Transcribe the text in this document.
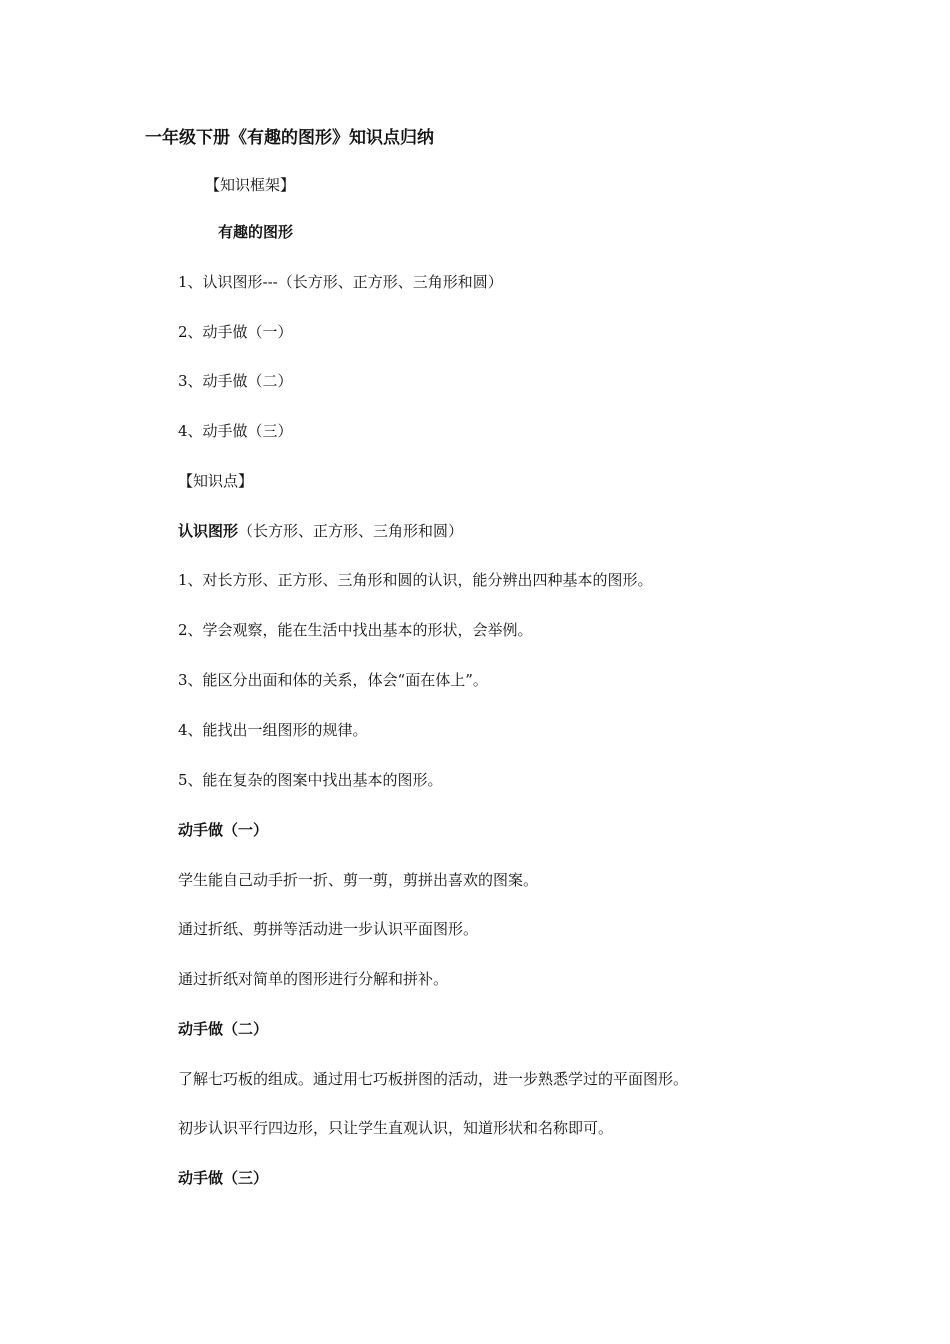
一年级下册《有趣的图形》知识点归纳

【知识框架】

有趣的图形

1、认识图形---（长方形、正方形、三角形和圆）

2、动手做（一）

3、动手做（二）

4、动手做（三）

【知识点】

认识图形（长方形、正方形、三角形和圆）

1、对长方形、正方形、三角形和圆的认识，能分辨出四种基本的图形。

2、学会观察，能在生活中找出基本的形状，会举例。

3、能区分出面和体的关系，体会“面在体上”。

4、能找出一组图形的规律。

5、能在复杂的图案中找出基本的图形。

动手做（一）

学生能自己动手折一折、剪一剪，剪拼出喜欢的图案。

通过折纸、剪拼等活动进一步认识平面图形。

通过折纸对简单的图形进行分解和拼补。

动手做（二）

了解七巧板的组成。通过用七巧板拼图的活动，进一步熟悉学过的平面图形。

初步认识平行四边形，只让学生直观认识，知道形状和名称即可。

动手做（三）
